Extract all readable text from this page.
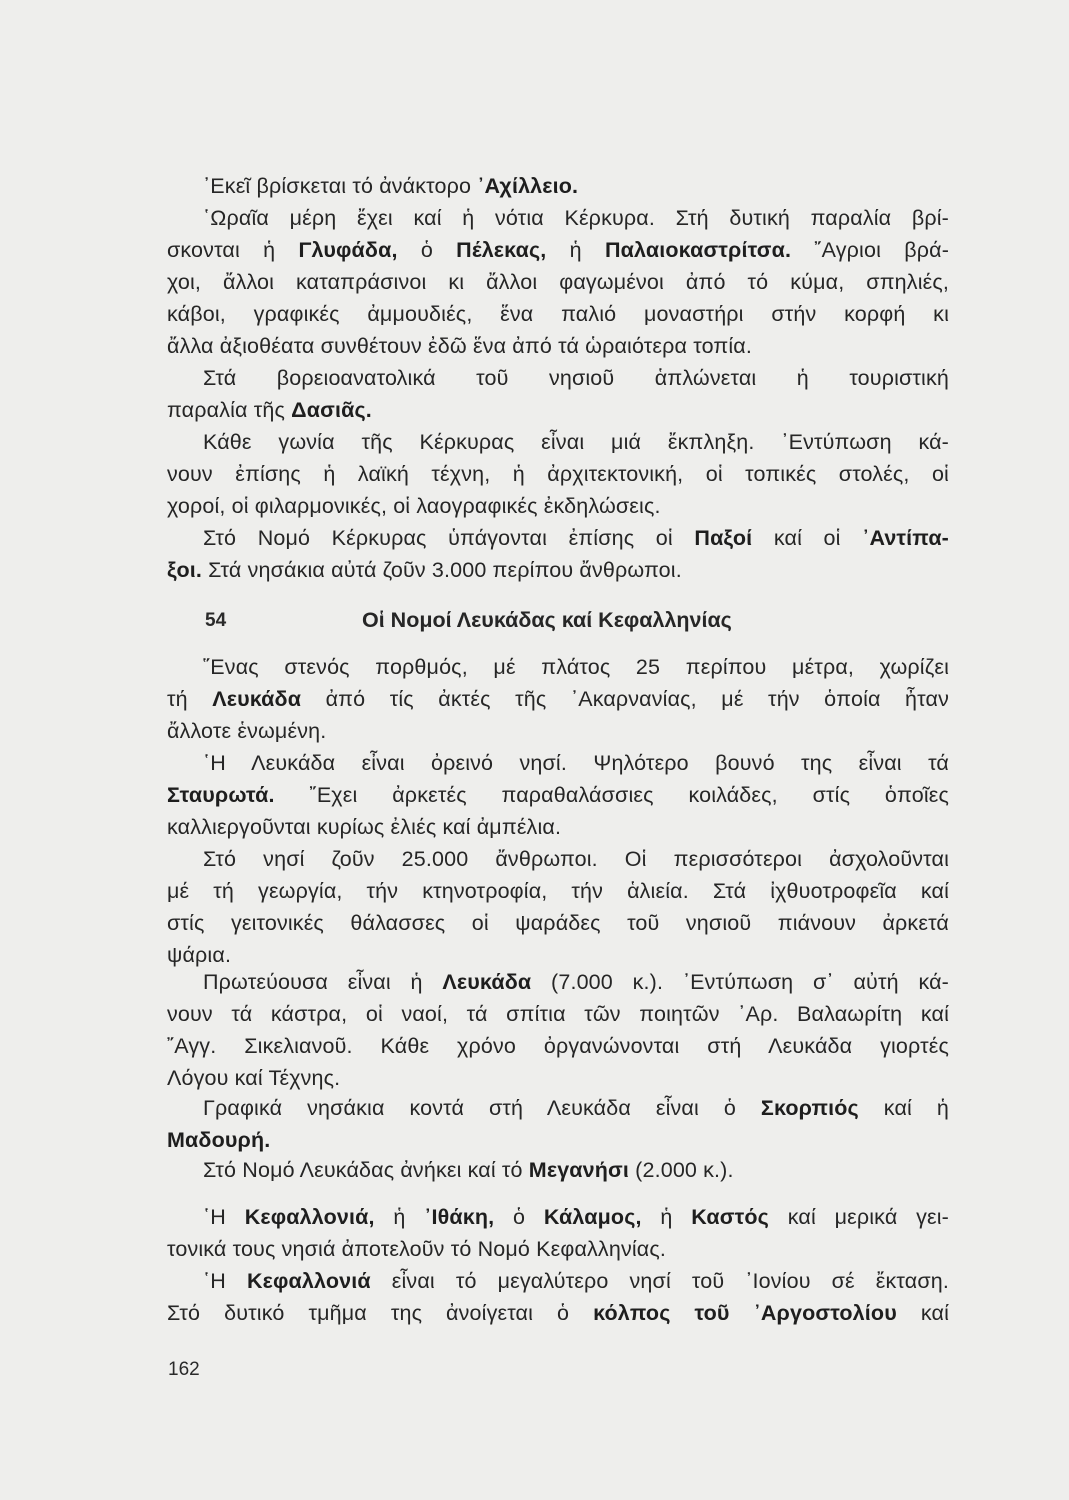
᾽Εκεῖ βρίσκεται τό ἀνάκτορο ᾽Αχίλλειο.
῾Ωραῖα μέρη ἔχει καί ἡ νότια Κέρκυρα. Στή δυτική παραλία βρί-
σκονται ἡ Γλυφάδα, ὁ Πέλεκας, ἡ Παλαιοκαστρίτσα. ῎Αγριοι βρά-
χοι, ἄλλοι καταπράσινοι κι ἄλλοι φαγωμένοι ἀπό τό κύμα, σπηλιές,
κάβοι, γραφικές ἀμμουδιές, ἕνα παλιό μοναστήρι στήν κορφή κι
ἄλλα ἀξιοθέατα συνθέτουν ἐδῶ ἕνα ἀπό τά ὡραιότερα τοπία.
Στά βορειοανατολικά τοῦ νησιοῦ ἁπλώνεται ἡ τουριστική
παραλία τῆς Δασιᾶς.
Κάθε γωνία τῆς Κέρκυρας εἶναι μιά ἔκπληξη. ᾽Εντύπωση κά-
νουν ἐπίσης ἡ λαϊκή τέχνη, ἡ ἀρχιτεκτονική, οἱ τοπικές στολές, οἱ
χοροί, οἱ φιλαρμονικές, οἱ λαογραφικές ἐκδηλώσεις.
Στό Νομό Κέρκυρας ὑπάγονται ἐπίσης οἱ Παξοί καί οἱ ᾽Αντίπα-
ξοι. Στά νησάκια αὐτά ζοῦν 3.000 περίπου ἄνθρωποι.
54	Οἱ Νομοί Λευκάδας καί Κεφαλληνίας
῞Ενας στενός πορθμός, μέ πλάτος 25 περίπου μέτρα, χωρίζει
τή Λευκάδα ἀπό τίς ἀκτές τῆς ᾽Ακαρνανίας, μέ τήν ὁποία ἦταν
ἄλλοτε ἑνωμένη.
῾Η Λευκάδα εἶναι ὀρεινό νησί. Ψηλότερο βουνό της εἶναι τά
Σταυρωτά. ῎Εχει ἀρκετές παραθαλάσσιες κοιλάδες, στίς ὁποῖες
καλλιεργοῦνται κυρίως ἐλιές καί ἀμπέλια.
Στό νησί ζοῦν 25.000 ἄνθρωποι. Οἱ περισσότεροι ἀσχολοῦνται
μέ τή γεωργία, τήν κτηνοτροφία, τήν ἁλιεία. Στά ἰχθυοτροφεῖα καί
στίς γειτονικές θάλασσες οἱ ψαράδες τοῦ νησιοῦ πιάνουν ἀρκετά
ψάρια.
Πρωτεύουσα εἶναι ἡ Λευκάδα (7.000 κ.). ᾽Εντύπωση σ᾽ αὐτή κά-
νουν τά κάστρα, οἱ ναοί, τά σπίτια τῶν ποιητῶν ᾽Αρ. Βαλαωρίτη καί
῎Αγγ. Σικελιανοῦ. Κάθε χρόνο ὀργανώνονται στή Λευκάδα γιορτές
Λόγου καί Τέχνης.
Γραφικά νησάκια κοντά στή Λευκάδα εἶναι ὁ Σκορπιός καί ἡ
Μαδουρή.
Στό Νομό Λευκάδας ἀνήκει καί τό Μεγανήσι (2.000 κ.).
῾Η Κεφαλλονιά, ἡ ᾽Ιθάκη, ὁ Κάλαμος, ἡ Καστός καί μερικά γει-
τονικά τους νησιά ἀποτελοῦν τό Νομό Κεφαλληνίας.
῾Η Κεφαλλονιά εἶναι τό μεγαλύτερο νησί τοῦ ᾽Ιονίου σέ ἔκταση.
Στό δυτικό τμῆμα της ἀνοίγεται ὁ κόλπος τοῦ ᾽Αργοστολίου καί
162
